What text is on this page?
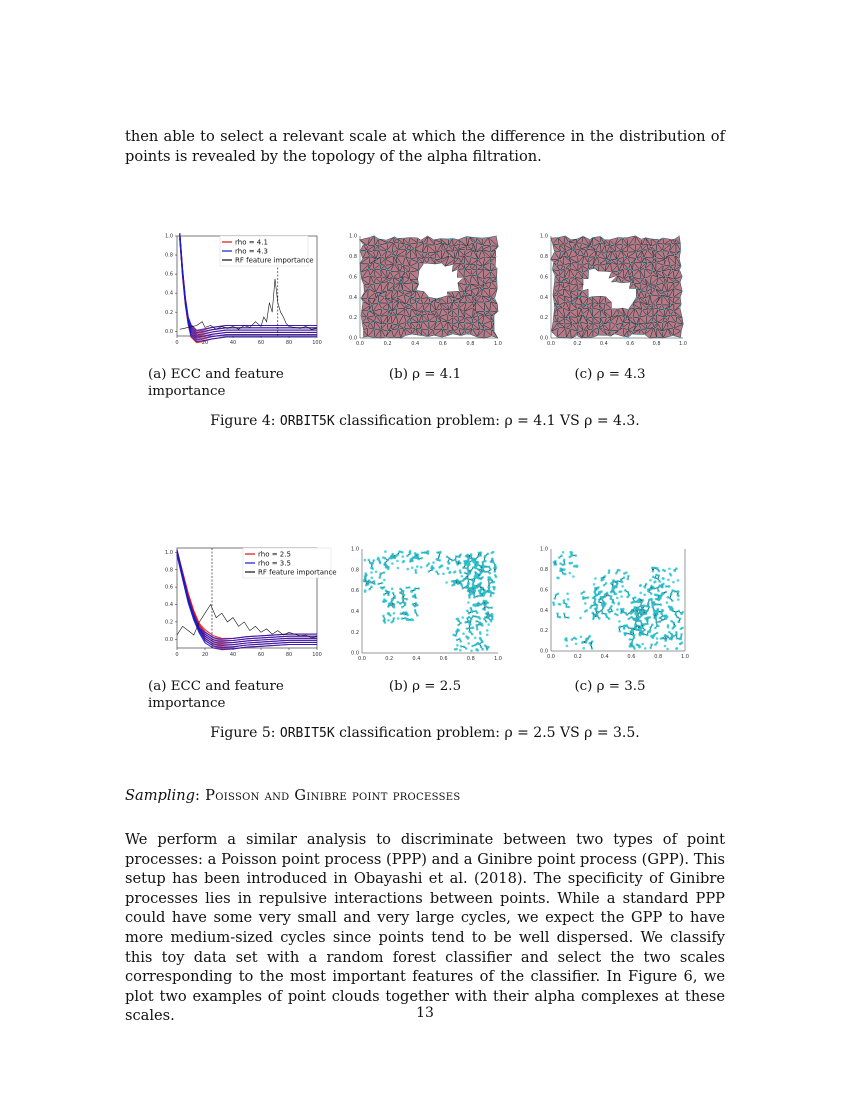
then able to select a relevant scale at which the difference in the distribution of points is revealed by the topology of the alpha filtration.

0	20	40	60	80	100
0.0
0.2
0.4
0.6
0.8
1.0
rho = 4.1
rho = 4.3
RF feature importance
0.0	0.2	0.4	0.6	0.8	1.0
0.0
0.2
0.4
0.6
0.8
1.0
0.0	0.2	0.4	0.6	0.8	1.0
0.0
0.2
0.4
0.6
0.8
1.0

(a) ECC and feature importance

(b) ρ = 4.1	(c) ρ = 4.3

Figure 4: ORBIT5K classification problem: ρ = 4.1 VS ρ = 4.3.

0	20	40	60	80	100
0.0
0.2
0.4
0.6
0.8
1.0	rho = 2.5
rho = 3.5
RF feature importance
0.0	0.2	0.4	0.6	0.8	1.0
0.0
0.2
0.4
0.6
0.8
1.0
0.0	0.2	0.4	0.6	0.8	1.0
0.0
0.2
0.4
0.6
0.8
1.0

(a) ECC and feature importance

(b) ρ = 2.5	(c) ρ = 3.5

Figure 5: ORBIT5K classification problem: ρ = 2.5 VS ρ = 3.5.

Sampling: Poisson and Ginibre point processes

We perform a similar analysis to discriminate between two types of point processes: a Poisson point process (PPP) and a Ginibre point process (GPP). This setup has been introduced in Obayashi et al. (2018). The specificity of Ginibre processes lies in repulsive interactions between points. While a standard PPP could have some very small and very large cycles, we expect the GPP to have more medium-sized cycles since points tend to be well dispersed. We classify this toy data set with a random forest classifier and select the two scales corresponding to the most important features of the classifier. In Figure 6, we plot two examples of point clouds together with their alpha complexes at these scales.	13
